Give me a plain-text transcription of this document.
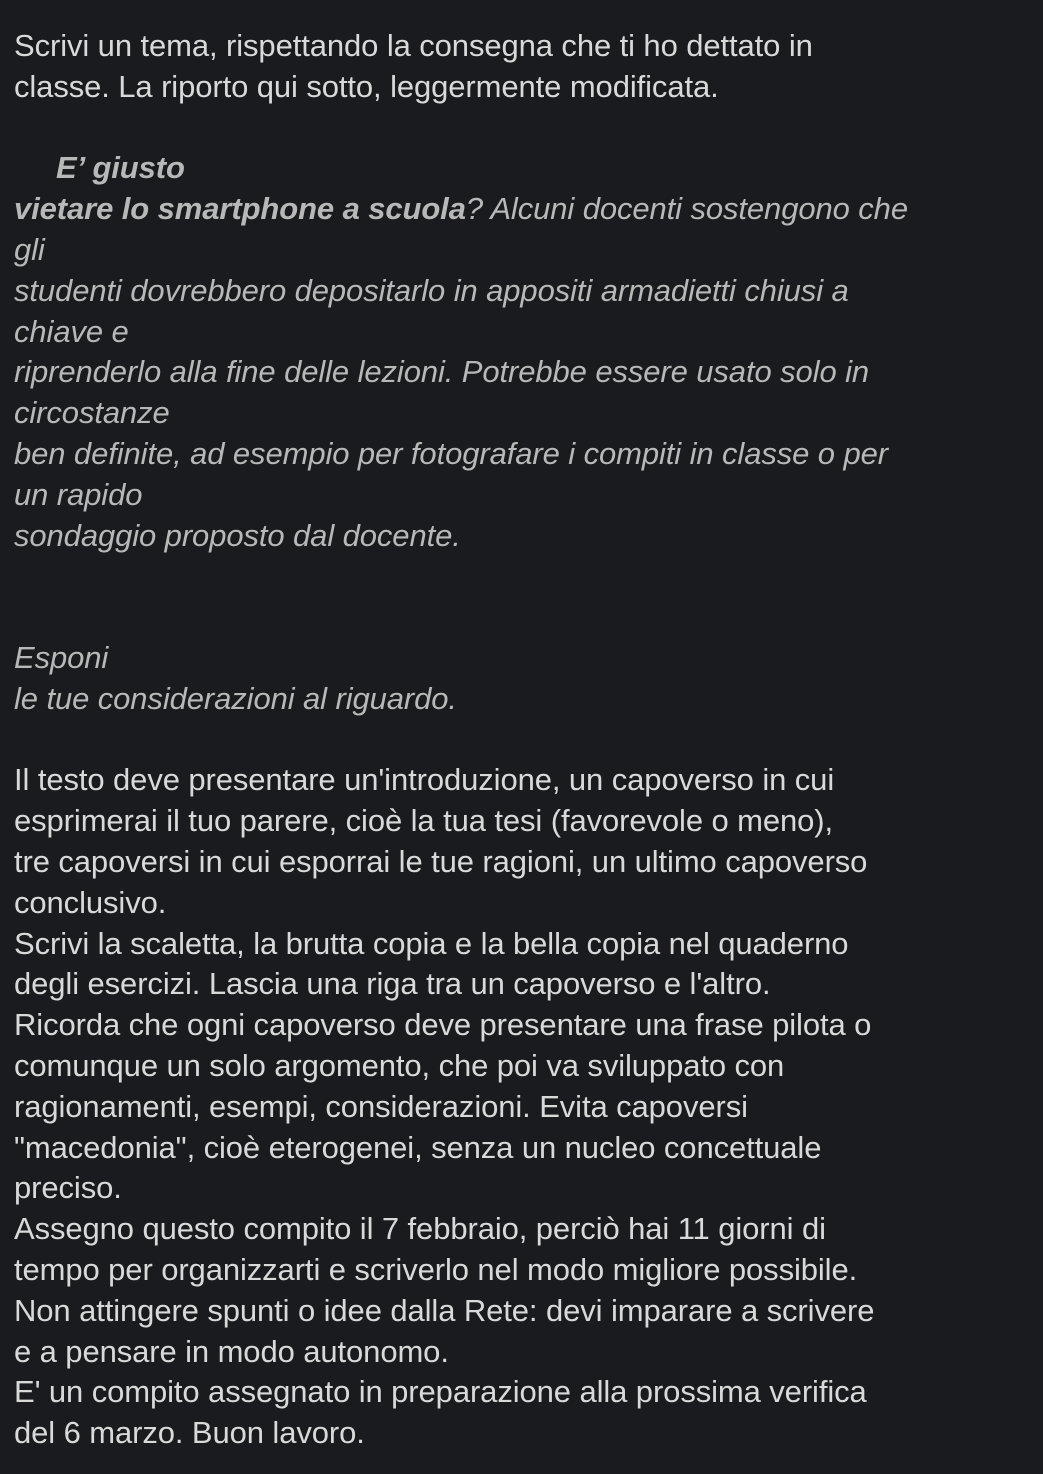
Scrivi un tema, rispettando la consegna che ti ho dettato in
classe. La riporto qui sotto, leggermente modificata.
E’ giusto
vietare lo smartphone a scuola? Alcuni docenti sostengono che
gli
studenti dovrebbero depositarlo in appositi armadietti chiusi a
chiave e
riprenderlo alla fine delle lezioni. Potrebbe essere usato solo in
circostanze
ben definite, ad esempio per fotografare i compiti in classe o per
un rapido
sondaggio proposto dal docente.
Esponi
le tue considerazioni al riguardo.
Il testo deve presentare un'introduzione, un capoverso in cui
esprimerai il tuo parere, cioè la tua tesi (favorevole o meno),
tre capoversi in cui esporrai le tue ragioni, un ultimo capoverso
conclusivo.
Scrivi la scaletta, la brutta copia e la bella copia nel quaderno
degli esercizi. Lascia una riga tra un capoverso e l'altro.
Ricorda che ogni capoverso deve presentare una frase pilota o
comunque un solo argomento, che poi va sviluppato con
ragionamenti, esempi, considerazioni. Evita capoversi
"macedonia", cioè eterogenei, senza un nucleo concettuale
preciso.
Assegno questo compito il 7 febbraio, perciò hai 11 giorni di
tempo per organizzarti e scriverlo nel modo migliore possibile.
Non attingere spunti o idee dalla Rete: devi imparare a scrivere
e a pensare in modo autonomo.
E' un compito assegnato in preparazione alla prossima verifica
del 6 marzo. Buon lavoro.
